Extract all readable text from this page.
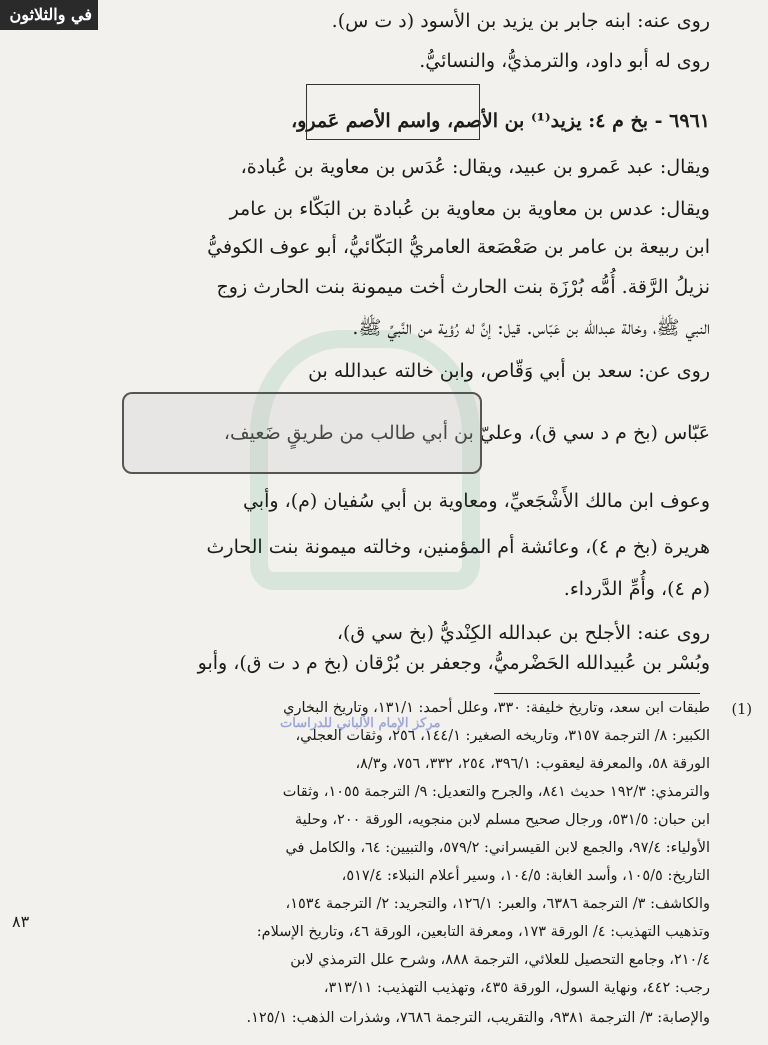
في والثلاثون
مركز الإمام الألباني للدراسات
روى عنه: ابنه جابر بن يزيد بن الأسود (د ت س).
روى له أبو داود، والترمذيُّ، والنسائيُّ.
٦٩٦١ - بخ م ٤: يزيد⁽¹⁾ بن الأصم، واسم الأصم عَمرو،
ويقال: عبد عَمرو بن عبيد، ويقال: عُدَس بن معاوية بن عُبادة،
ويقال: عدس بن معاوية بن معاوية بن عُبادة بن البَكّاء بن عامر
ابن ربيعة بن عامر بن صَعْصَعة العامريُّ البَكّائيُّ، أبو عوف الكوفيُّ
نزيلُ الرَّقة. أُمُّه بُرْزَة بنت الحارث أخت ميمونة بنت الحارث زوج
النبي ﷺ، وخالة عبدالله بن عَبّاس. قيل: إنَّ له رُؤية من النَّبيِّ ﷺ.
روى عن: سعد بن أبي وَقّاص، وابن خالته عبدالله بن
عَبّاس (بخ م د سي ق)، وعليّ بن أبي طالب من طريقٍ ضَعيف،
وعوف ابن مالك الأَشْجَعيِّ، ومعاوية بن أبي سُفيان (م)، وأبي
هريرة (بخ م ٤)، وعائشة أم المؤمنين، وخالته ميمونة بنت الحارث
(م ٤)، وأُمِّ الدَّرداء.
روى عنه: الأجلح بن عبدالله الكِنْديُّ (بخ سي ق)،
وبُسْر بن عُبيدالله الحَضْرميُّ، وجعفر بن بُرْقان (بخ م د ت ق)، وأبو
(1)
طبقات ابن سعد، وتاريخ خليفة: ٣٣٠، وعلل أحمد: ١٣١/١، وتاريخ البخاري
الكبير: ٨/ الترجمة ٣١٥٧، وتاريخه الصغير: ١٤٤/١، ٢٥٦، وثقات العجلي،
الورقة ٥٨، والمعرفة ليعقوب: ٣٩٦/١، ٢٥٤، ٣٣٢، ٧٥٦، و٨/٣،
والترمذي: ١٩٢/٣ حديث ٨٤١، والجرح والتعديل: ٩/ الترجمة ١٠٥٥، وثقات
ابن حبان: ٥٣١/٥، ورجال صحيح مسلم لابن منجويه، الورقة ٢٠٠، وحلية
الأولياء: ٩٧/٤، والجمع لابن القيسراني: ٥٧٩/٢، والتبيين: ٦٤، والكامل في
التاريخ: ١٠٥/٥، وأسد الغابة: ١٠٤/٥، وسير أعلام النبلاء: ٥١٧/٤،
والكاشف: ٣/ الترجمة ٦٣٨٦، والعبر: ١٢٦/١، والتجريد: ٢/ الترجمة ١٥٣٤،
وتذهيب التهذيب: ٤/ الورقة ١٧٣، ومعرفة التابعين، الورقة ٤٦، وتاريخ الإسلام:
٢١٠/٤، وجامع التحصيل للعلائي، الترجمة ٨٨٨، وشرح علل الترمذي لابن
رجب: ٤٤٢، ونهاية السول، الورقة ٤٣٥، وتهذيب التهذيب: ٣١٣/١١،
والإصابة: ٣/ الترجمة ٩٣٨١، والتقريب، الترجمة ٧٦٨٦، وشذرات الذهب: ١٢٥/١.
٨٣
